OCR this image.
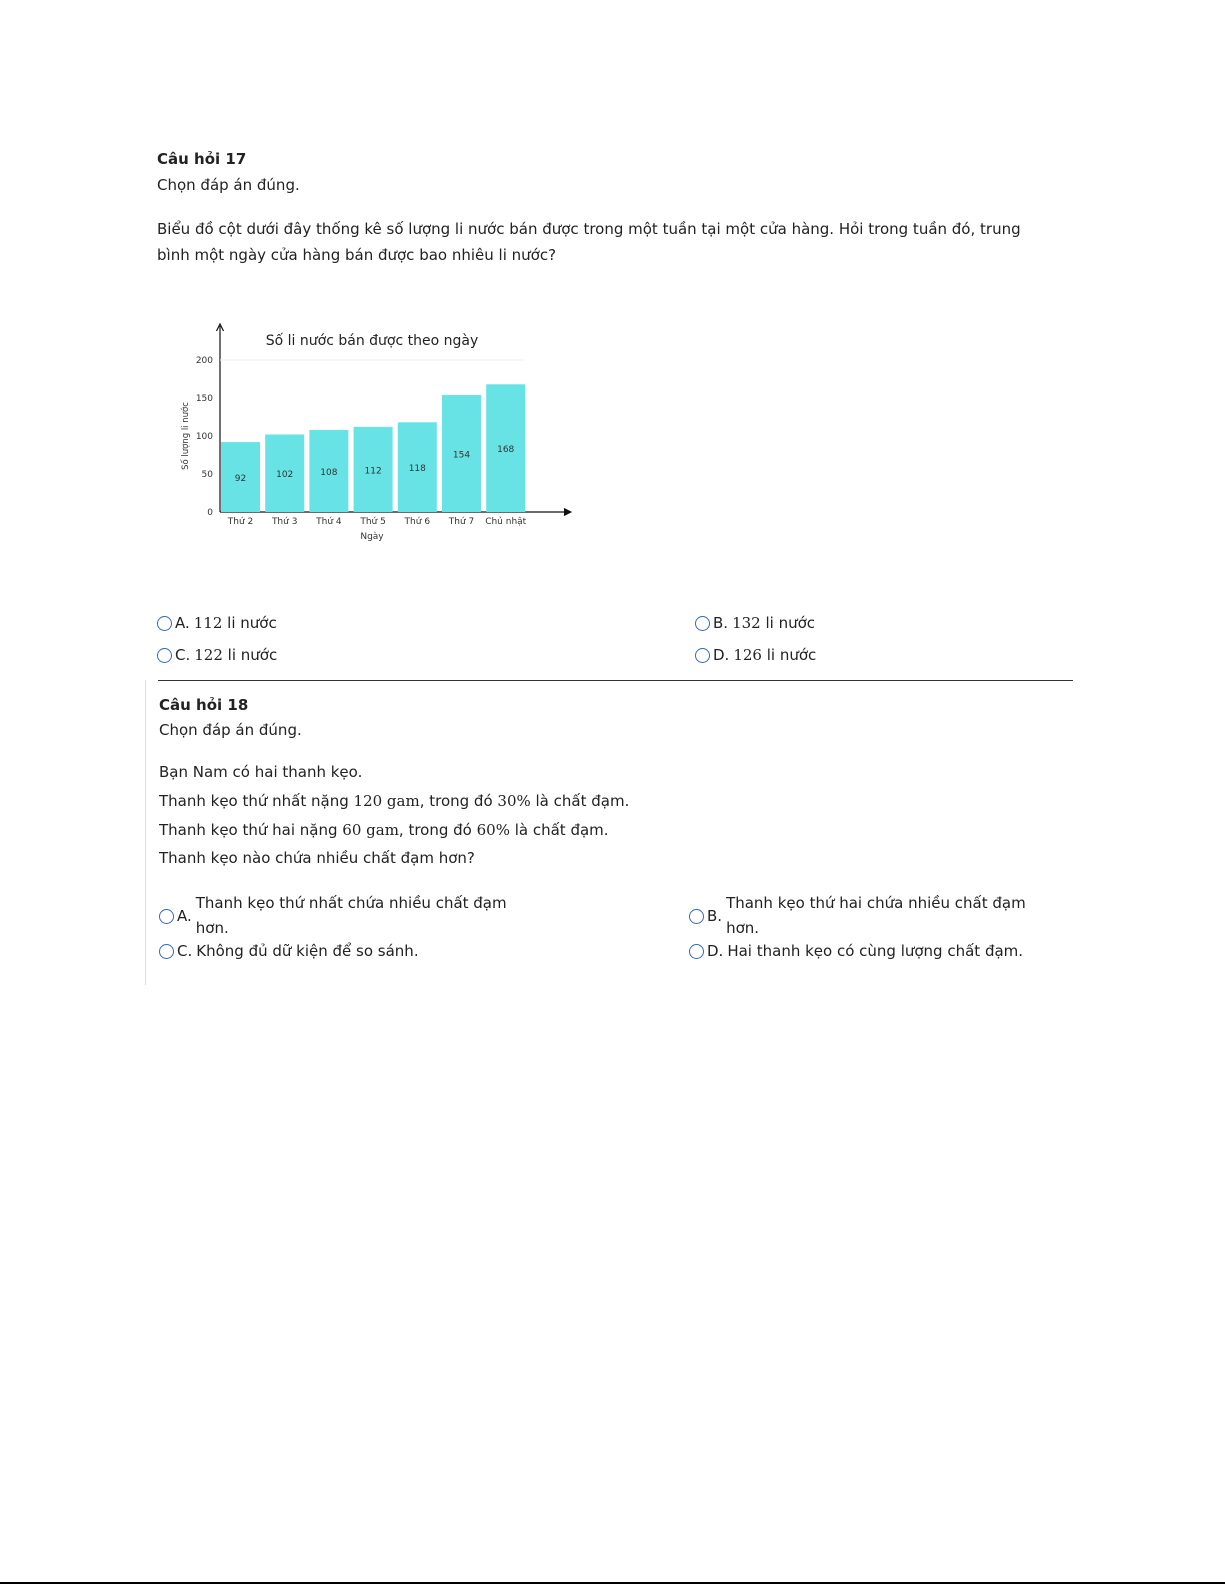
Câu hỏi 17
Chọn đáp án đúng.
Biểu đồ cột dưới đây thống kê số lượng li nước bán được trong một tuần tại một cửa hàng. Hỏi trong tuần đó, trung bình một ngày cửa hàng bán được bao nhiêu li nước?
0
50
100
150
200
92
Thứ 2
102
Thứ 3
108
Thứ 4
112
Thứ 5
118
Thứ 6
154
Thứ 7
168
Chủ nhật
Số li nước bán được theo ngày
Ngày
Số lượng li nước
A. 112 li nước	B. 132 li nước
C. 122 li nước	D. 126 li nước
Câu hỏi 18
Chọn đáp án đúng.
Bạn Nam có hai thanh kẹo.
Thanh kẹo thứ nhất nặng 120 gam, trong đó 30% là chất đạm.
Thanh kẹo thứ hai nặng 60 gam, trong đó 60% là chất đạm.
Thanh kẹo nào chứa nhiều chất đạm hơn?
A.
Thanh kẹo thứ nhất chứa nhiều chất đạm hơn.
B.
Thanh kẹo thứ hai chứa nhiều chất đạm hơn.
C. Không đủ dữ kiện để so sánh.	D. Hai thanh kẹo có cùng lượng chất đạm.
